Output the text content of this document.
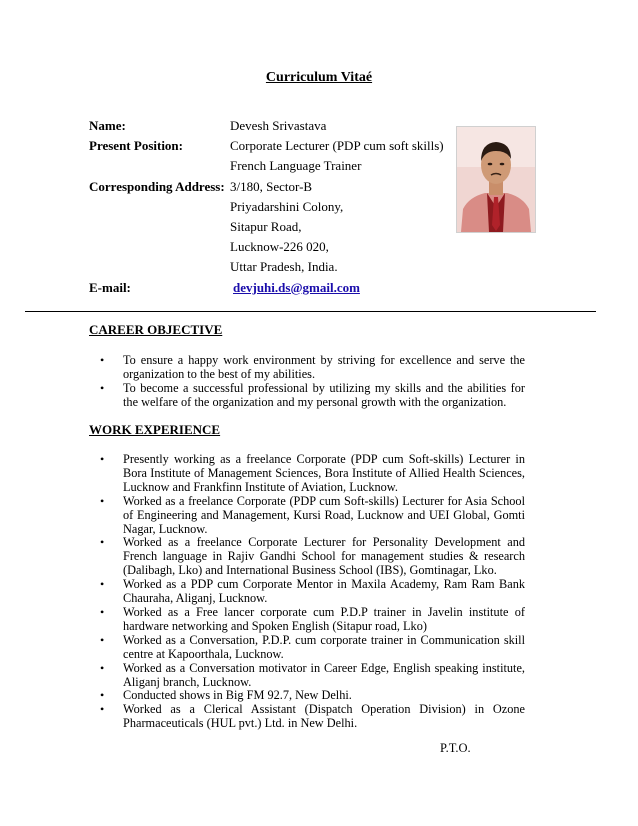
Curriculum Vitaé
Name:	Devesh Srivastava
Present Position:	Corporate Lecturer (PDP cum soft skills)
French Language Trainer
Corresponding Address: 3/180, Sector-B
Priyadarshini Colony,
Sitapur Road,
Lucknow-226 020,
Uttar Pradesh, India.
E-mail:	devjuhi.ds@gmail.com
CAREER OBJECTIVE
• To ensure a happy work environment by striving for excellence and serve the organization to the best of my abilities.
• To become a successful professional by utilizing my skills and the abilities for the welfare of the organization and my personal growth with the organization.
WORK EXPERIENCE
• Presently working as a freelance Corporate (PDP cum Soft-skills) Lecturer in Bora Institute of Management Sciences, Bora Institute of Allied Health Sciences, Lucknow and Frankfinn Institute of Aviation, Lucknow.
• Worked as a freelance Corporate (PDP cum Soft-skills) Lecturer for Asia School of Engineering and Management, Kursi Road, Lucknow and UEI Global, Gomti Nagar, Lucknow.
• Worked as a freelance Corporate Lecturer for Personality Development and French language in Rajiv Gandhi School for management studies & research (Dalibagh, Lko) and International Business School (IBS), Gomtinagar, Lko.
• Worked as a PDP cum Corporate Mentor in Maxila Academy, Ram Ram Bank Chauraha, Aliganj, Lucknow.
• Worked as a Free lancer corporate cum P.D.P trainer in Javelin institute of hardware networking and Spoken English (Sitapur road, Lko)
• Worked as a Conversation, P.D.P. cum corporate trainer in Communication skill centre at Kapoorthala, Lucknow.
• Worked as a Conversation motivator in Career Edge, English speaking institute, Aliganj branch, Lucknow.
• Conducted shows in Big FM 92.7, New Delhi.
• Worked as a Clerical Assistant (Dispatch Operation Division) in Ozone Pharmaceuticals (HUL pvt.) Ltd. in New Delhi.
P.T.O.
